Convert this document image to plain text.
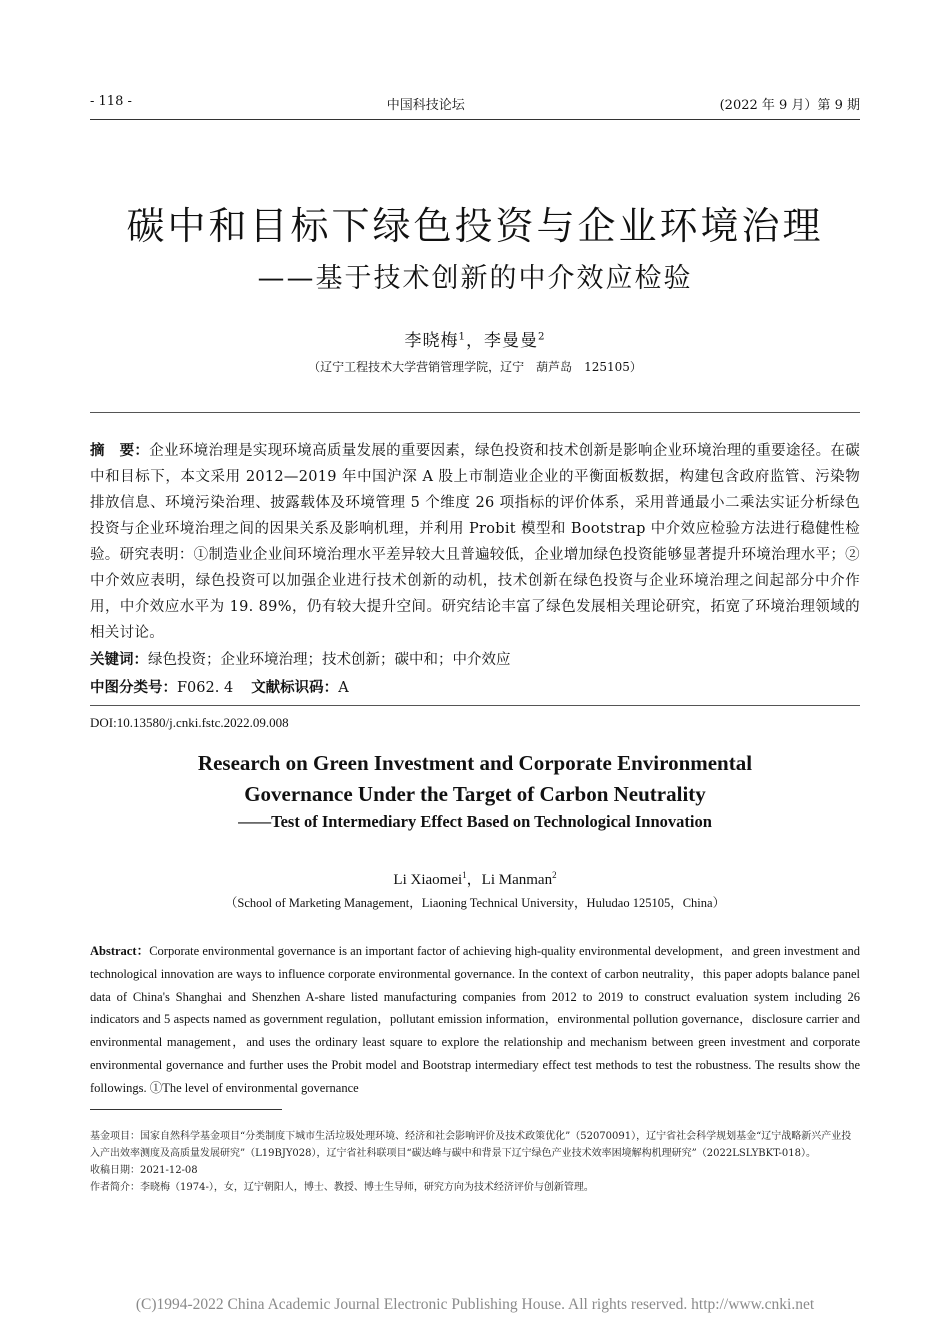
- 118 -	中国科技论坛	(2022 年 9 月）第 9 期
碳中和目标下绿色投资与企业环境治理
——基于技术创新的中介效应检验
李晓梅$^1$，李曼曼$^2$
（辽宁工程技术大学营销管理学院，辽宁　葫芦岛　125105）
摘　要：企业环境治理是实现环境高质量发展的重要因素，绿色投资和技术创新是影响企业环境治理的重要途径。在碳中和目标下，本文采用 2012—2019 年中国沪深 A 股上市制造业企业的平衡面板数据，构建包含政府监管、污染物排放信息、环境污染治理、披露载体及环境管理 5 个维度 26 项指标的评价体系，采用普通最小二乘法实证分析绿色投资与企业环境治理之间的因果关系及影响机理，并利用 Probit 模型和 Bootstrap 中介效应检验方法进行稳健性检验。研究表明：①制造业企业间环境治理水平差异较大且普遍较低，企业增加绿色投资能够显著提升环境治理水平；②中介效应表明，绿色投资可以加强企业进行技术创新的动机，技术创新在绿色投资与企业环境治理之间起部分中介作用，中介效应水平为 19. 89%，仍有较大提升空间。研究结论丰富了绿色发展相关理论研究，拓宽了环境治理领域的相关讨论。
关键词：绿色投资；企业环境治理；技术创新；碳中和；中介效应
中图分类号：F062. 4 文献标识码：A
DOI:10.13580/j.cnki.fstc.2022.09.008
Research on Green Investment and Corporate Environmental
Governance Under the Target of Carbon Neutrality
——Test of Intermediary Effect Based on Technological Innovation
Li Xiaomei$^1$，Li Manman$^2$
（School of Marketing Management，Liaoning Technical University，Huludao 125105，China）
Abstract：Corporate environmental governance is an important factor of achieving high-quality environmental development，and green investment and technological innovation are ways to influence corporate environmental governance. In the context of carbon neutrality，this paper adopts balance panel data of China's Shanghai and Shenzhen A-share listed manufacturing companies from 2012 to 2019 to construct evaluation system including 26 indicators and 5 aspects named as government regulation，pollutant emission information，environmental pollution governance，disclosure carrier and environmental management，and uses the ordinary least square to explore the relationship and mechanism between green investment and corporate environmental governance and further uses the Probit model and Bootstrap intermediary effect test methods to test the robustness. The results show the followings. ①The level of environmental governance
基金项目：国家自然科学基金项目“分类制度下城市生活垃圾处理环境、经济和社会影响评价及技术政策优化”（52070091），辽宁省社会科学规划基金“辽宁战略新兴产业投入产出效率测度及高质量发展研究”（L19BJY028），辽宁省社科联项目“碳达峰与碳中和背景下辽宁绿色产业技术效率困境解构机理研究”（2022LSLYBKT-018）。
收稿日期：2021-12-08
作者简介：李晓梅（1974-），女，辽宁朝阳人，博士、教授、博士生导师，研究方向为技术经济评价与创新管理。
(C)1994-2022 China Academic Journal Electronic Publishing House. All rights reserved. http://www.cnki.net
